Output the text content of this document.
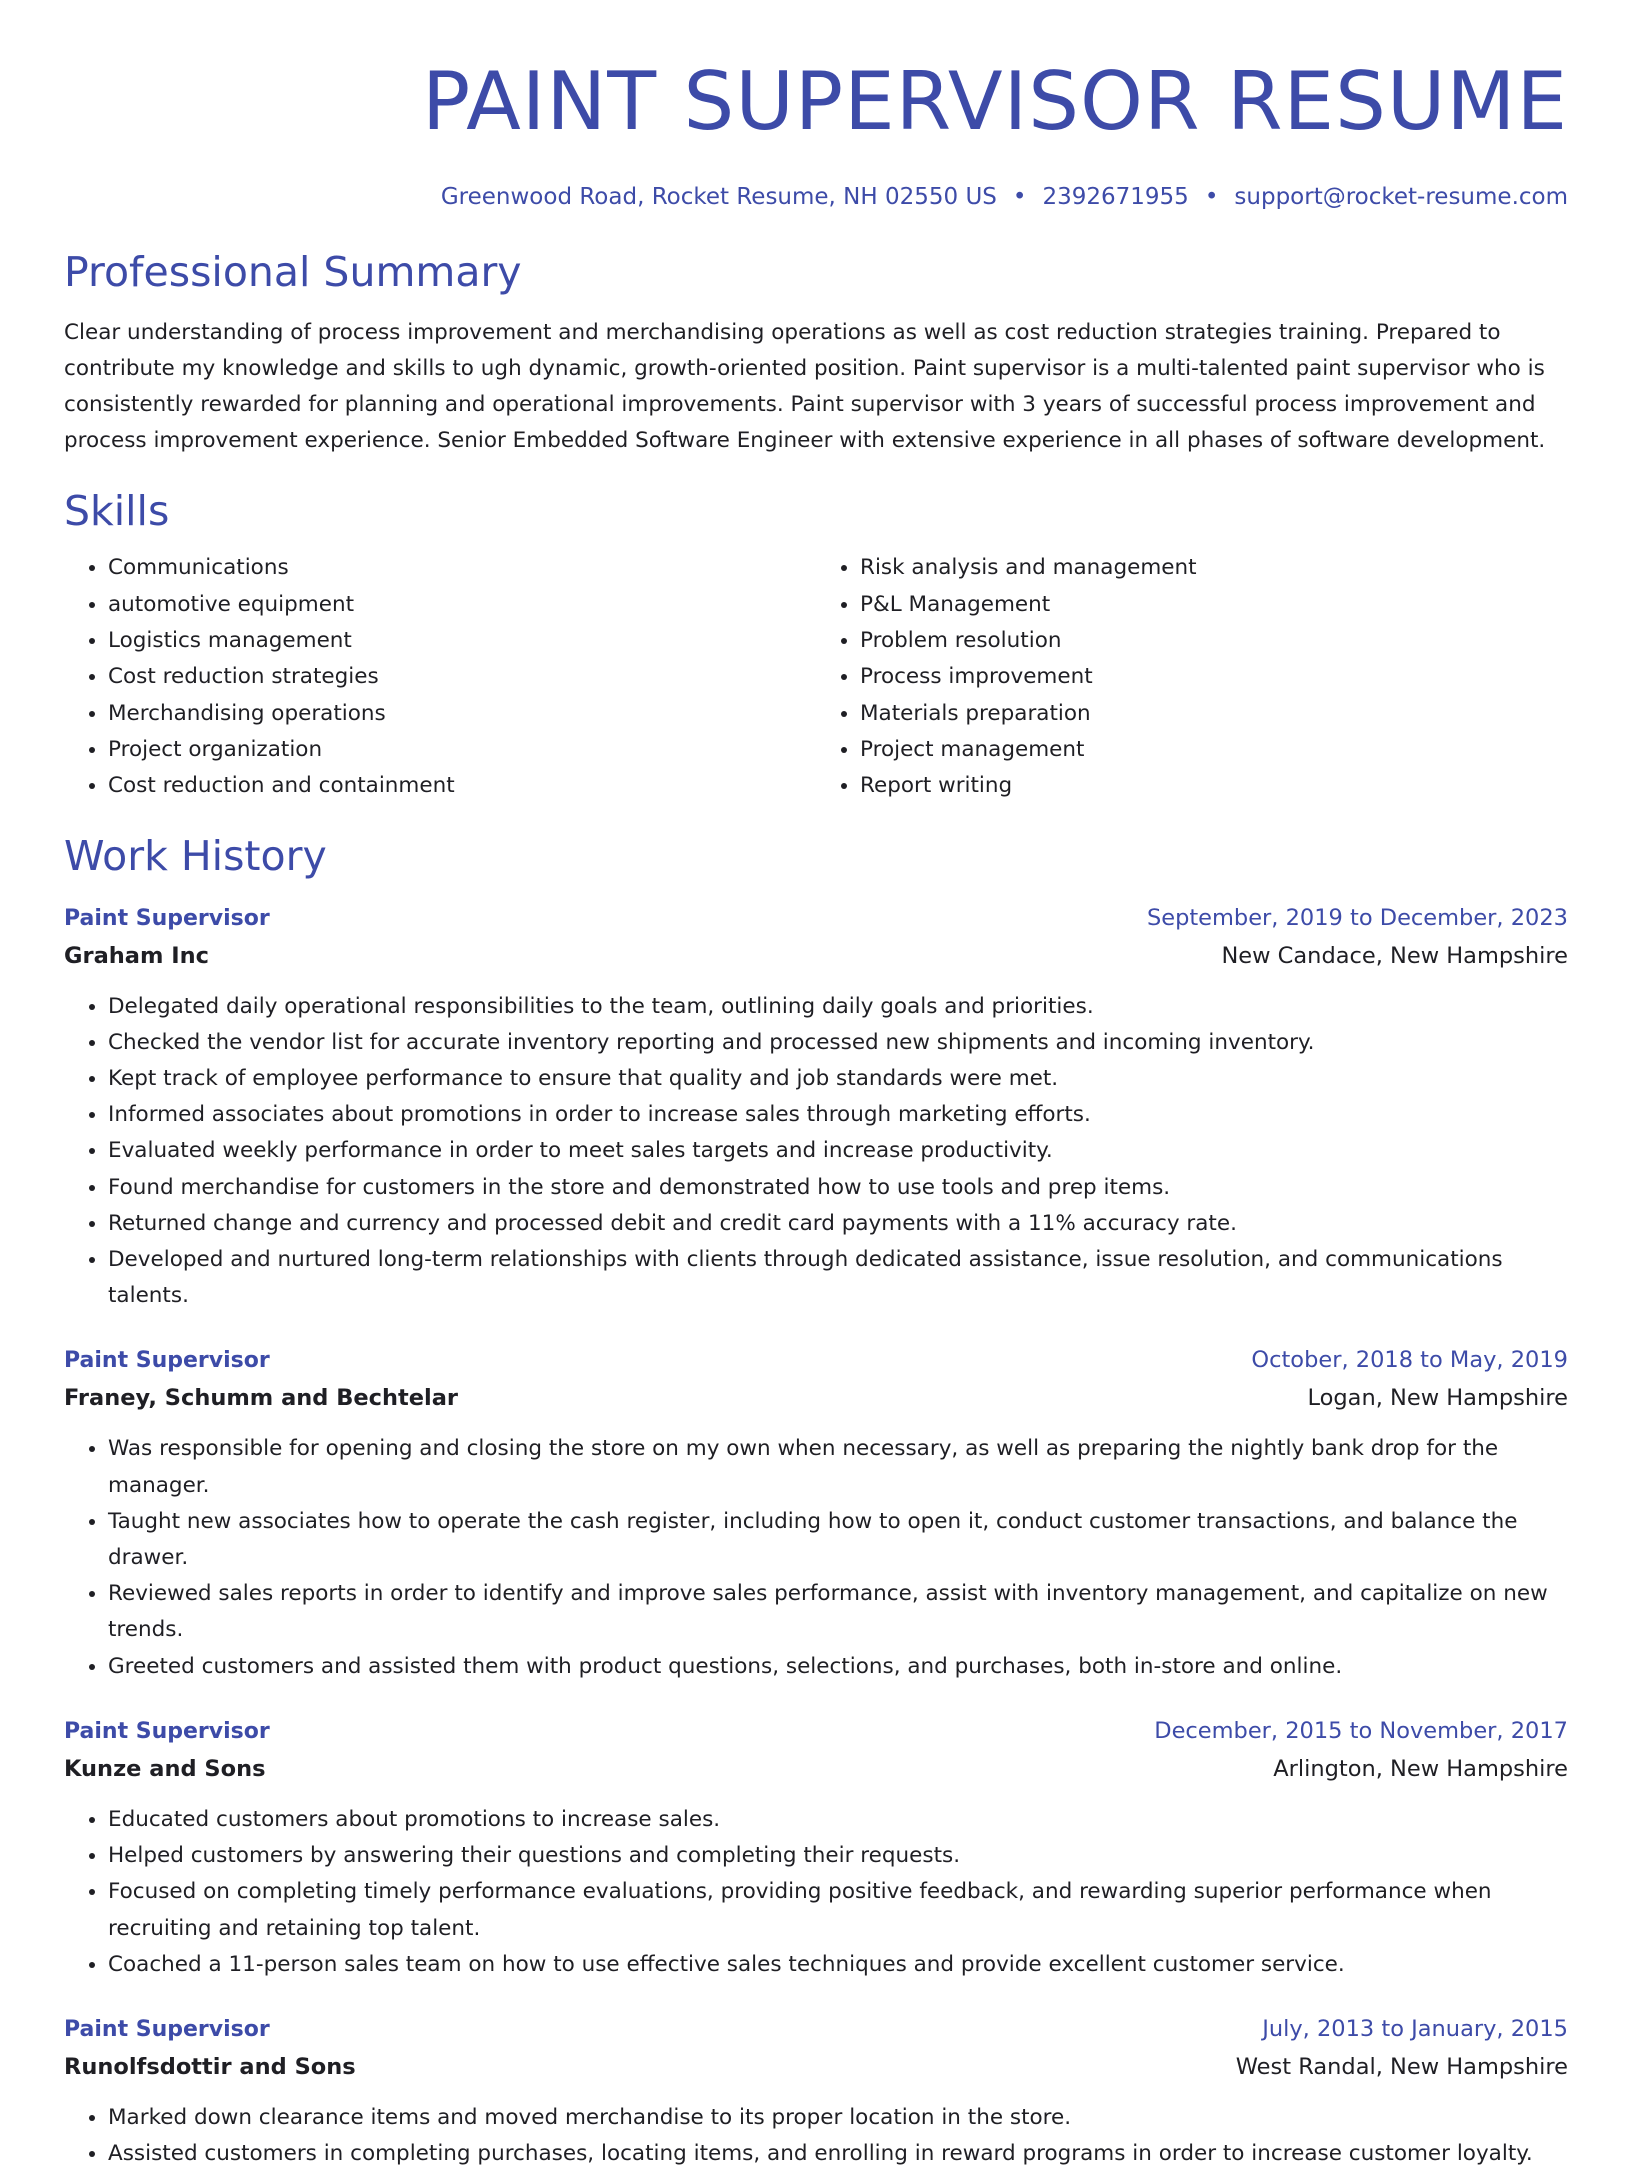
PAINT SUPERVISOR RESUME
Greenwood Road, Rocket Resume, NH 02550 US • 2392671955 • support@rocket-resume.com
Professional Summary
Clear understanding of process improvement and merchandising operations as well as cost reduction strategies training. Prepared to contribute my knowledge and skills to ugh dynamic, growth-oriented position. Paint supervisor is a multi-talented paint supervisor who is consistently rewarded for planning and operational improvements. Paint supervisor with 3 years of successful process improvement and process improvement experience. Senior Embedded Software Engineer with extensive experience in all phases of software development.
Skills
• Communications
• automotive equipment
• Logistics management
• Cost reduction strategies
• Merchandising operations
• Project organization
• Cost reduction and containment
• Risk analysis and management
• P&L Management
• Problem resolution
• Process improvement
• Materials preparation
• Project management
• Report writing
Work History
Paint Supervisor	September, 2019 to December, 2023
Graham Inc	New Candace, New Hampshire
• Delegated daily operational responsibilities to the team, outlining daily goals and priorities.
• Checked the vendor list for accurate inventory reporting and processed new shipments and incoming inventory.
• Kept track of employee performance to ensure that quality and job standards were met.
• Informed associates about promotions in order to increase sales through marketing efforts.
• Evaluated weekly performance in order to meet sales targets and increase productivity.
• Found merchandise for customers in the store and demonstrated how to use tools and prep items.
• Returned change and currency and processed debit and credit card payments with a 11% accuracy rate.
• Developed and nurtured long-term relationships with clients through dedicated assistance, issue resolution, and communications talents.
Paint Supervisor	October, 2018 to May, 2019
Franey, Schumm and Bechtelar	Logan, New Hampshire
• Was responsible for opening and closing the store on my own when necessary, as well as preparing the nightly bank drop for the manager.
• Taught new associates how to operate the cash register, including how to open it, conduct customer transactions, and balance the drawer.
• Reviewed sales reports in order to identify and improve sales performance, assist with inventory management, and capitalize on new trends.
• Greeted customers and assisted them with product questions, selections, and purchases, both in-store and online.
Paint Supervisor	December, 2015 to November, 2017
Kunze and Sons	Arlington, New Hampshire
• Educated customers about promotions to increase sales.
• Helped customers by answering their questions and completing their requests.
• Focused on completing timely performance evaluations, providing positive feedback, and rewarding superior performance when recruiting and retaining top talent.
• Coached a 11-person sales team on how to use effective sales techniques and provide excellent customer service.
Paint Supervisor	July, 2013 to January, 2015
Runolfsdottir and Sons	West Randal, New Hampshire
• Marked down clearance items and moved merchandise to its proper location in the store.
• Assisted customers in completing purchases, locating items, and enrolling in reward programs in order to increase customer loyalty.
